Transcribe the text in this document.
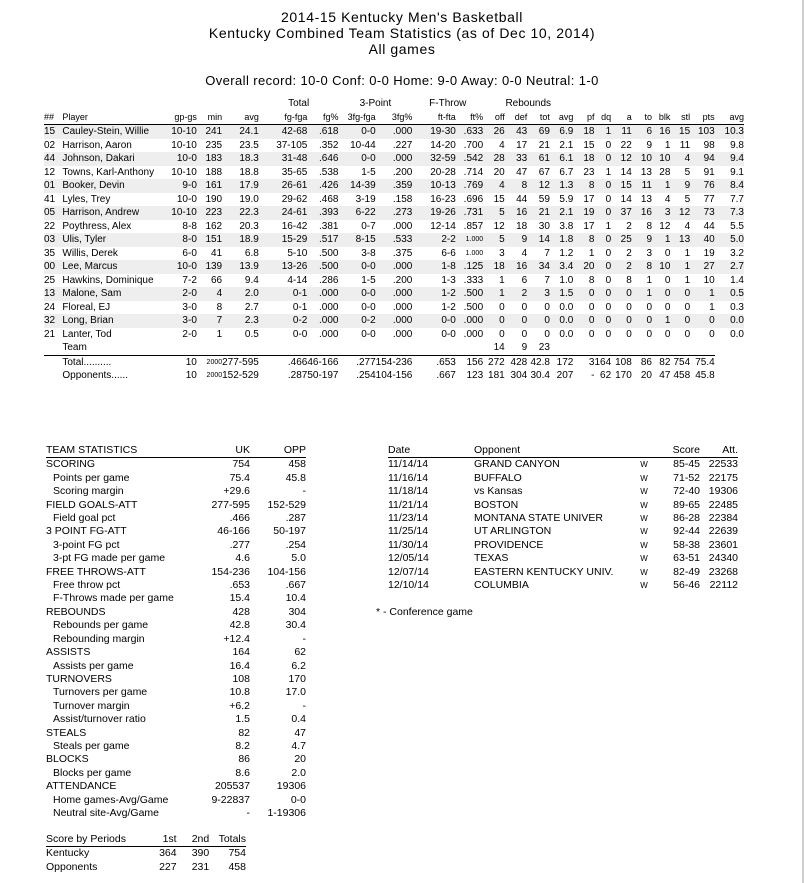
2014-15 Kentucky Men's Basketball
Kentucky Combined Team Statistics (as of Dec 10, 2014)
All games
Overall record: 10-0 Conf: 0-0 Home: 9-0 Away: 0-0 Neutral: 1-0
					Total		3-Point		F-Throw		Rebounds											
##	Player	gp-gs	min	avg	fg-fga	fg%	3fg-fga	3fg%	ft-fta	ft%	off	def	tot	avg	pf	dq	a	to	blk	stl	pts	avg
15	Cauley-Stein, Willie	10-10	241	24.1	42-68	.618	0-0	.000	19-30	.633	26	43	69	6.9	18	1	11	6	16	15	103	10.3
02	Harrison, Aaron	10-10	235	23.5	37-105	.352	10-44	.227	14-20	.700	4	17	21	2.1	15	0	22	9	1	11	98	9.8
44	Johnson, Dakari	10-0	183	18.3	31-48	.646	0-0	.000	32-59	.542	28	33	61	6.1	18	0	12	10	10	4	94	9.4
12	Towns, Karl-Anthony	10-10	188	18.8	35-65	.538	1-5	.200	20-28	.714	20	47	67	6.7	23	1	14	13	28	5	91	9.1
01	Booker, Devin	9-0	161	17.9	26-61	.426	14-39	.359	10-13	.769	4	8	12	1.3	8	0	15	11	1	9	76	8.4
41	Lyles, Trey	10-0	190	19.0	29-62	.468	3-19	.158	16-23	.696	15	44	59	5.9	17	0	14	13	4	5	77	7.7
05	Harrison, Andrew	10-10	223	22.3	24-61	.393	6-22	.273	19-26	.731	5	16	21	2.1	19	0	37	16	3	12	73	7.3
22	Poythress, Alex	8-8	162	20.3	16-42	.381	0-7	.000	12-14	.857	12	18	30	3.8	17	1	2	8	12	4	44	5.5
03	Ulis, Tyler	8-0	151	18.9	15-29	.517	8-15	.533	2-2	1.000	5	9	14	1.8	8	0	25	9	1	13	40	5.0
35	Willis, Derek	6-0	41	6.8	5-10	.500	3-8	.375	6-6	1.000	3	4	7	1.2	1	0	2	3	0	1	19	3.2
00	Lee, Marcus	10-0	139	13.9	13-26	.500	0-0	.000	1-8	.125	18	16	34	3.4	20	0	2	8	10	1	27	2.7
25	Hawkins, Dominique	7-2	66	9.4	4-14	.286	1-5	.200	1-3	.333	1	6	7	1.0	8	0	8	1	0	1	10	1.4
13	Malone, Sam	2-0	4	2.0	0-1	.000	0-0	.000	1-2	.500	1	2	3	1.5	0	0	0	1	0	0	1	0.5
24	Floreal, EJ	3-0	8	2.7	0-1	.000	0-0	.000	1-2	.500	0	0	0	0.0	0	0	0	0	0	0	1	0.3
32	Long, Brian	3-0	7	2.3	0-2	.000	0-2	.000	0-0	.000	0	0	0	0.0	0	0	0	0	1	0	0	0.0
21	Lanter, Tod	2-0	1	0.5	0-0	.000	0-0	.000	0-0	.000	0	0	0	0.0	0	0	0	0	0	0	0	0.0
	Team										14	9	23									
	Total..........	10	2000	277-595	.466	46-166	.277	154-236	.653	156	272	428	42.8	172	3	164	108	86	82	754	75.4	
	Opponents......	10	2000	152-529	.287	50-197	.254	104-156	.667	123	181	304	30.4	207	-	62	170	20	47	458	45.8	
TEAM STATISTICS	UK	OPP
SCORING	754	458
Points per game	75.4	45.8
Scoring margin	+29.6	-
FIELD GOALS-ATT	277-595	152-529
Field goal pct	.466	.287
3 POINT FG-ATT	46-166	50-197
3-point FG pct	.277	.254
3-pt FG made per game	4.6	5.0
FREE THROWS-ATT	154-236	104-156
Free throw pct	.653	.667
F-Throws made per game	15.4	10.4
REBOUNDS	428	304
Rebounds per game	42.8	30.4
Rebounding margin	+12.4	-
ASSISTS	164	62
Assists per game	16.4	6.2
TURNOVERS	108	170
Turnovers per game	10.8	17.0
Turnover margin	+6.2	-
Assist/turnover ratio	1.5	0.4
STEALS	82	47
Steals per game	8.2	4.7
BLOCKS	86	20
Blocks per game	8.6	2.0
ATTENDANCE	205537	19306
Home games-Avg/Game	9-22837	0-0
Neutral site-Avg/Game	-	1-19306
Date	Opponent		Score	Att.
11/14/14	GRAND CANYON	W	85-45	22533
11/16/14	BUFFALO	W	71-52	22175
11/18/14	vs Kansas	W	72-40	19306
11/21/14	BOSTON	W	89-65	22485
11/23/14	MONTANA STATE UNIVER	W	86-28	22384
11/25/14	UT ARLINGTON	W	92-44	22639
11/30/14	PROVIDENCE	W	58-38	23601
12/05/14	TEXAS	W	63-51	24340
12/07/14	EASTERN KENTUCKY UNIV.	W	82-49	23268
12/10/14	COLUMBIA	W	56-46	22112
* - Conference game
Score by Periods	1st	2nd	Totals
Kentucky	364	390	754
Opponents	227	231	458
